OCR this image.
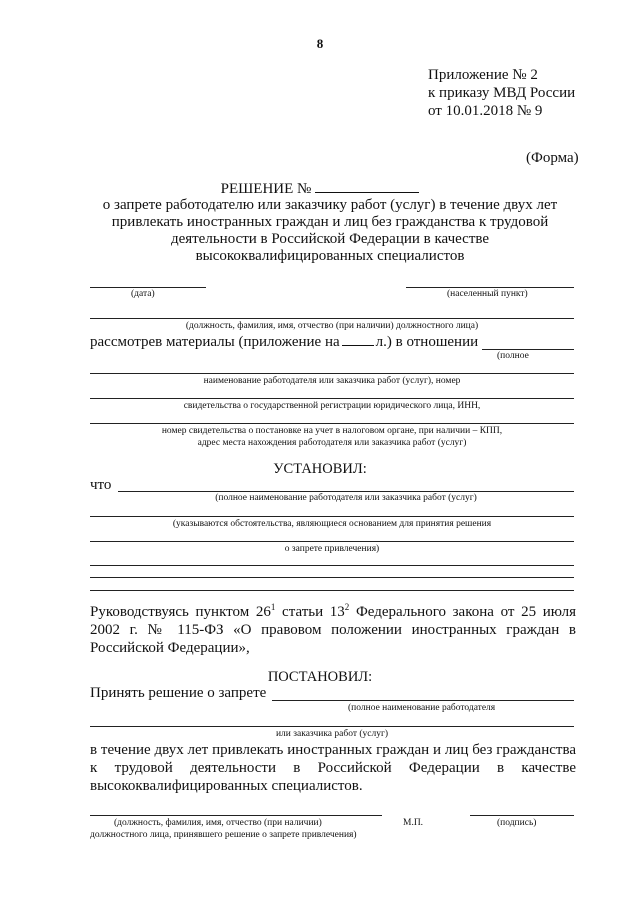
8
Приложение № 2
к приказу МВД России
от 10.01.2018 № 9
(Форма)
РЕШЕНИЕ №
о запрете работодателю или заказчику работ (услуг) в течение двух лет привлекать иностранных граждан и лиц без гражданства к трудовой деятельности в Российской Федерации в качестве высококвалифицированных специалистов
(дата)	(населенный пункт)
(должность, фамилия, имя, отчество (при наличии) должностного лица)
рассмотрев материалы (приложение на л.) в отношении
(полное
наименование работодателя или заказчика работ (услуг), номер
свидетельства о государственной регистрации юридического лица, ИНН,
номер свидетельства о постановке на учет в налоговом органе, при наличии – КПП,
адрес места нахождения работодателя или заказчика работ (услуг)
УСТАНОВИЛ:
что
(полное наименование работодателя или заказчика работ (услуг)
(указываются обстоятельства, являющиеся основанием для принятия решения
о запрете привлечения)
Руководствуясь пунктом $26^1$ статьи $13^2$ Федерального закона от 25 июля 2002 г. № 115-ФЗ «О правовом положении иностранных граждан в Российской Федерации»,
ПОСТАНОВИЛ:
Принять решение о запрете
(полное наименование работодателя
или заказчика работ (услуг)
в течение двух лет привлекать иностранных граждан и лиц без гражданства к трудовой деятельности в Российской Федерации в качестве высококвалифицированных специалистов.
(должность, фамилия, имя, отчество (при наличии)
должностного лица, принявшего решение о запрете привлечения)
М.П.	(подпись)
